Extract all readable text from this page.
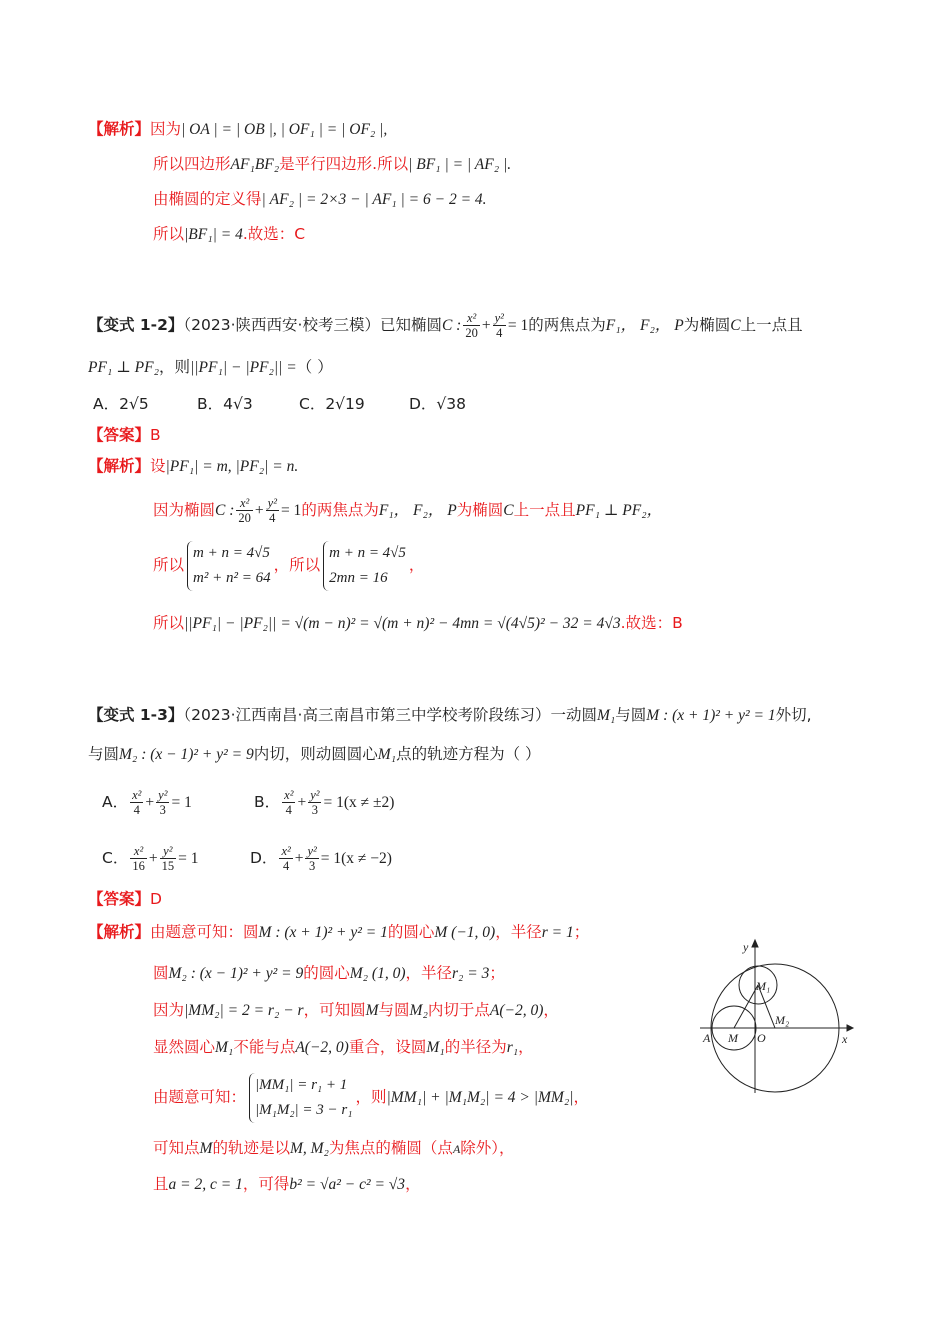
【解析】因为| OA | = | OB |, | OF₁ | = | OF₂ |,
所以四边形AF₁BF₂是平行四边形.所以| BF₁ | = | AF₂ |.
由椭圆的定义得| AF₂ | = 2×3 − | AF₁ | = 6 − 2 = 4.
所以|BF₁| = 4.故选：C
【变式 1-2】（2023·陕西西安·校考三模）已知椭圆C : $\frac{\text{x²}}{20} + \frac{\text{y²}}{4} = 1$的两焦点为F₁， F₂， P为椭圆C上一点且
PF₁ ⊥ PF₂，则||PF₁| − |PF₂|| =（ ）
A．2√5	B．4√3	C．2√19	D．√38
【答案】B
【解析】设|PF₁| = m, |PF₂| = n.
因为椭圆C : $\frac{\text{x²}}{20} + \frac{\text{y²}}{4} = 1$的两焦点为F₁， F₂， P为椭圆C上一点且PF₁ ⊥ PF₂，
所以
m + n = 4√5
m² + n² = 64
，所以
m + n = 4√5
2mn = 16
，
所以||PF₁| − |PF₂|| = √(m − n)² = √(m + n)² − 4mn = √(4√5)² − 32 = 4√3.故选：B
【变式 1-3】（2023·江西南昌·高三南昌市第三中学校考阶段练习）一动圆M₁与圆M : (x + 1)² + y² = 1外切,
与圆M₂ : (x − 1)² + y² = 9内切，则动圆圆心M₁点的轨迹方程为（ ）
A． $\frac{\text{x²}}{4} + \frac{\text{y²}}{3} = 1$	B． $\frac{\text{x²}}{4} + \frac{\text{y²}}{3} = 1(x \ne \pm 2)$
C． $\frac{\text{x²}}{16} + \frac{\text{y²}}{15} = 1$	D． $\frac{\text{x²}}{4} + \frac{\text{y²}}{3} = 1(x \ne -2)$
【答案】D
【解析】由题意可知：圆M : (x + 1)² + y² = 1的圆心M (−1, 0)，半径r = 1；
圆M₂ : (x − 1)² + y² = 9的圆心M₂ (1, 0)，半径r₂ = 3；
因为|MM₂| = 2 = r₂ − r，可知圆M与圆M₂内切于点A(−2, 0)，
显然圆心M₁不能与点A(−2, 0)重合，设圆M₁的半径为r₁，
由题意可知：
|MM₁| = r₁ + 1
|M₁M₂| = 3 − r₁
，则|MM₁| + |M₁M₂| = 4 > |MM₂|，
可知点M的轨迹是以M, M₂为焦点的椭圆（点A除外），
且a = 2, c = 1，可得b² = √a² − c² = √3，
y
x
A M O
M₁
M₂
